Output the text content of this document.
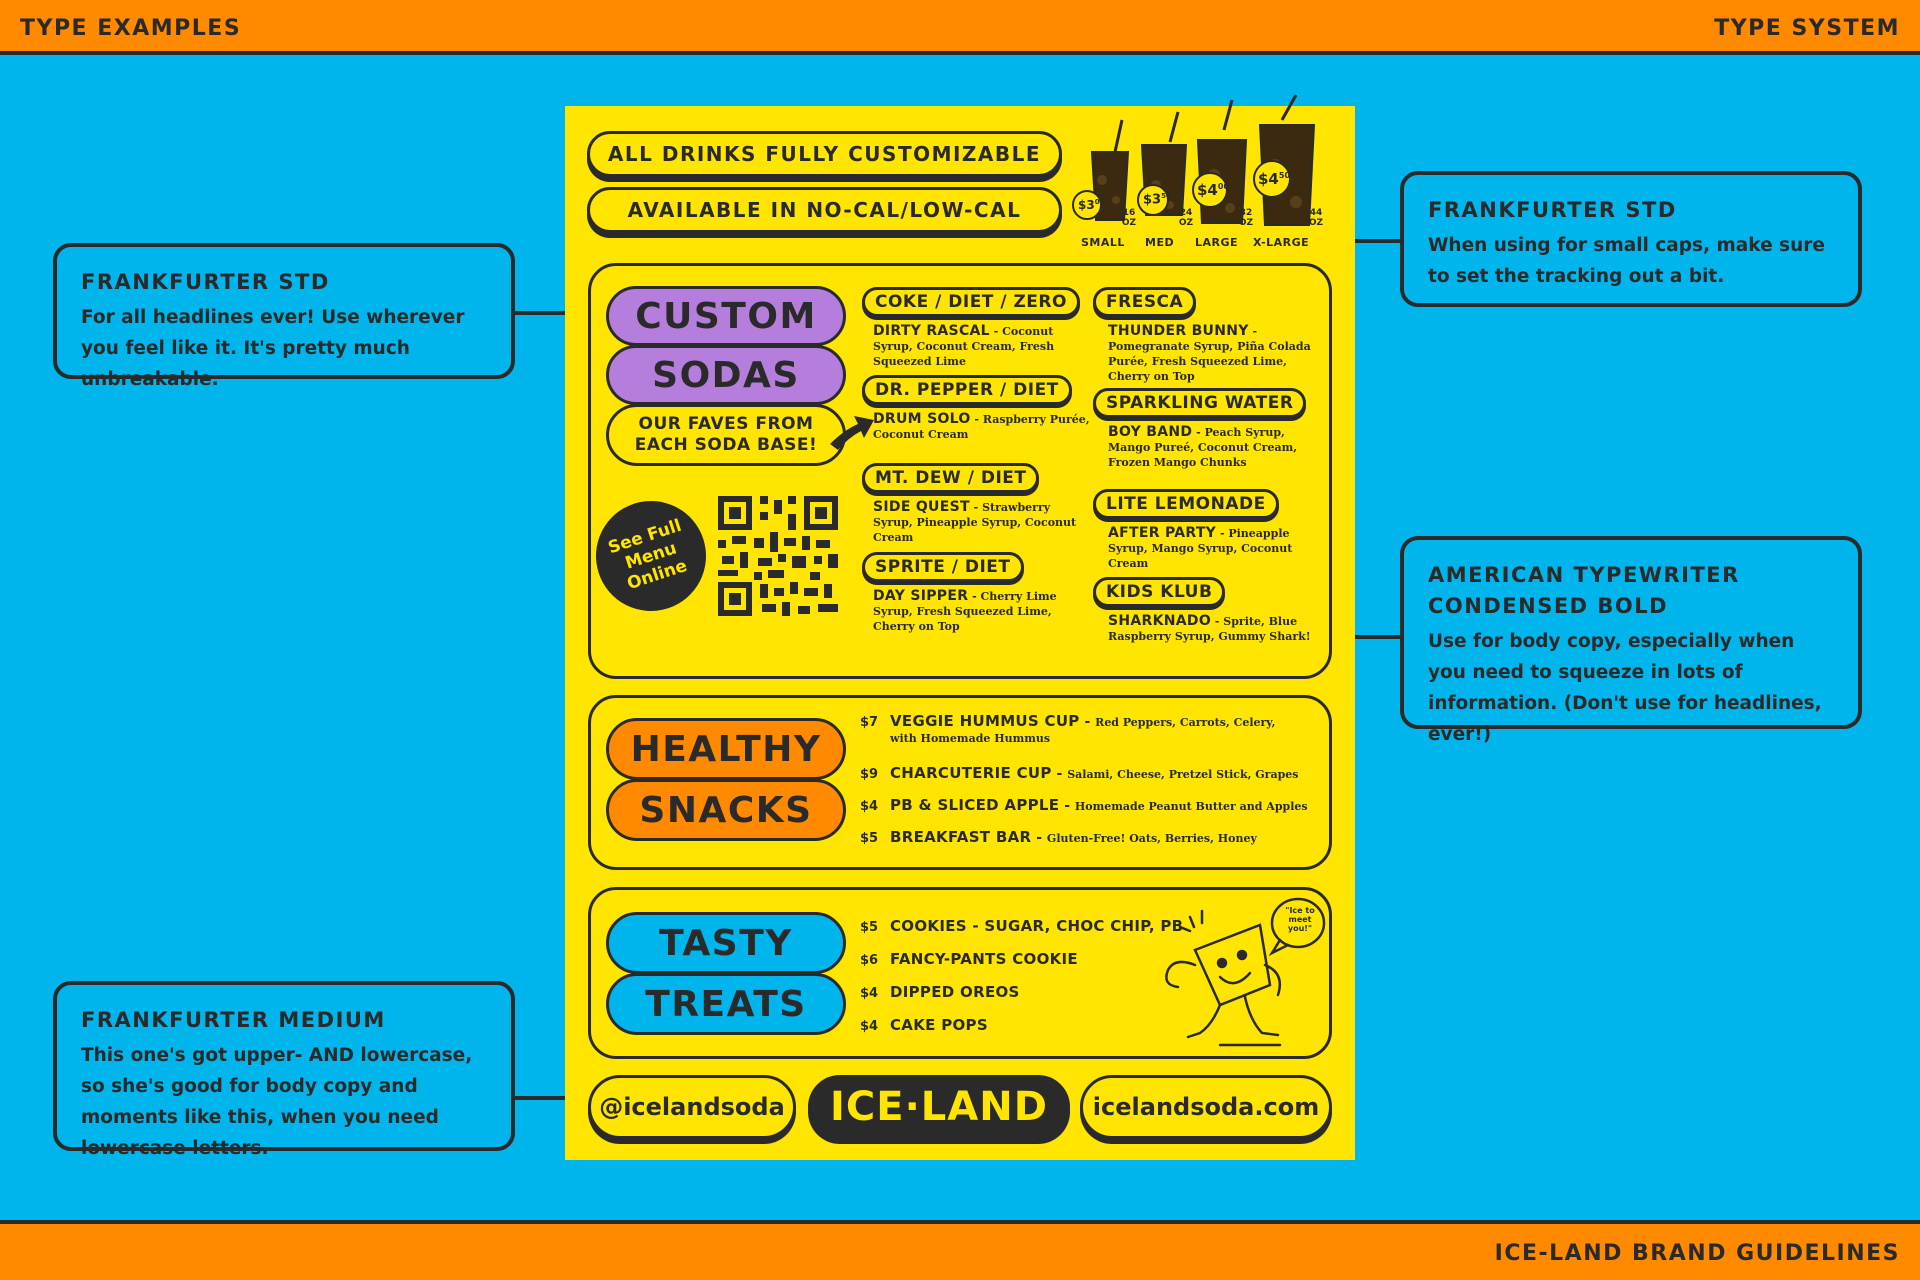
TYPE EXAMPLES	TYPE SYSTEM
ICE-LAND BRAND GUIDELINES
FRANKFURTER STD

For all headlines ever! Use wherever you feel like it. It's pretty much unbreakable.

FRANKFURTER STD

When using for small caps, make sure to set the tracking out a bit.

AMERICAN TYPEWRITER CONDENSED BOLD

Use for body copy, especially when you need to squeeze in lots of information. (Don't use for headlines, ever!)

FRANKFURTER MEDIUM

This one's got upper- AND lowercase, so she's good for body copy and moments like this, when you need lowercase letters.

ALL DRINKS FULLY CUSTOMIZABLE
AVAILABLE IN NO-CAL/LOW-CAL	$\$3^{00}$	$\$3^{50}$ $\$4^{00}$ $\$4^{50}$
16
OZ
24
OZ
32
OZ
44
OZ
SMALL MED LARGE X-LARGE
CUSTOM
SODAS
OUR FAVES FROM EACH SODA BASE!
See Full Menu Online
COKE / DIET / ZERO
DIRTY RASCAL - Coconut Syrup, Coconut Cream, Fresh Squeezed Lime
DR. PEPPER / DIET
DRUM SOLO - Raspberry Purée, Coconut Cream
MT. DEW / DIET
SIDE QUEST - Strawberry Syrup, Pineapple Syrup, Coconut Cream
SPRITE / DIET
DAY SIPPER - Cherry Lime Syrup, Fresh Squeezed Lime, Cherry on Top
FRESCA
THUNDER BUNNY - Pomegranate Syrup, Piña Colada Purée, Fresh Squeezed Lime, Cherry on Top
SPARKLING WATER
BOY BAND - Peach Syrup, Mango Pureé, Coconut Cream, Frozen Mango Chunks
LITE LEMONADE
AFTER PARTY - Pineapple Syrup, Mango Syrup, Coconut Cream
KIDS KLUB
SHARKNADO - Sprite, Blue Raspberry Syrup, Gummy Shark!
HEALTHY
SNACKS
$7 VEGGIE HUMMUS CUP - Red Peppers, Carrots, Celery,
with Homemade Hummus
$9 CHARCUTERIE CUP - Salami, Cheese, Pretzel Stick, Grapes
$4 PB & SLICED APPLE - Homemade Peanut Butter and Apples
$5 BREAKFAST BAR - Gluten-Free! Oats, Berries, Honey
TASTY
TREATS
$5 COOKIES - SUGAR, CHOC CHIP, PB
$6 FANCY-PANTS COOKIE
$4 DIPPED OREOS
$4 CAKE POPS
"Ice to meet you!"
@icelandsoda	ICE·LAND	icelandsoda.com
